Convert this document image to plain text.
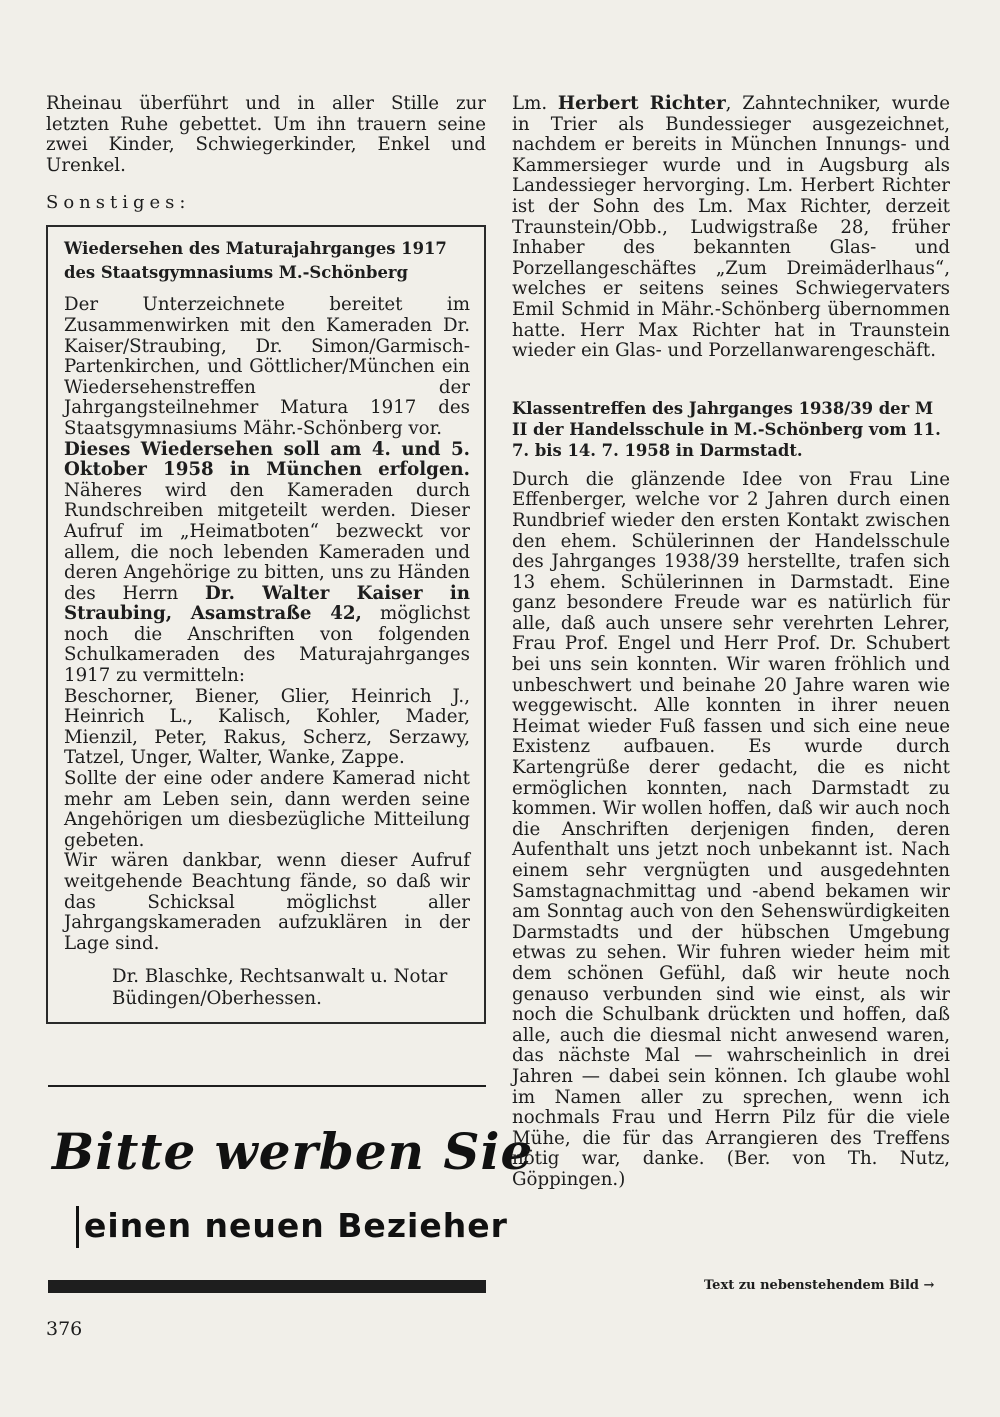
Rheinau überführt und in aller Stille zur letzten Ruhe gebettet. Um ihn trauern seine zwei Kinder, Schwiegerkinder, Enkel und Urenkel.

Sonstiges:

Wiedersehen des Maturajahrganges 1917
des Staatsgymnasiums M.-Schönberg

Der Unterzeichnete bereitet im Zusammenwirken mit den Kameraden Dr. Kaiser/Straubing, Dr. Simon/Garmisch-Partenkirchen, und Göttlicher/München ein Wiedersehenstreffen der Jahrgangsteilnehmer Matura 1917 des Staatsgymnasiums Mähr.-Schönberg vor.

Dieses Wiedersehen soll am 4. und 5. Oktober 1958 in München erfolgen. Näheres wird den Kameraden durch Rundschreiben mitgeteilt werden. Dieser Aufruf im „Heimatboten“ bezweckt vor allem, die noch lebenden Kameraden und deren Angehörige zu bitten, uns zu Händen des Herrn Dr. Walter Kaiser in Straubing, Asamstraße 42, möglichst noch die Anschriften von folgenden Schulkameraden des Maturajahrganges 1917 zu vermitteln:

Beschorner, Biener, Glier, Heinrich J., Heinrich L., Kalisch, Kohler, Mader, Mienzil, Peter, Rakus, Scherz, Serzawy, Tatzel, Unger, Walter, Wanke, Zappe.

Sollte der eine oder andere Kamerad nicht mehr am Leben sein, dann werden seine Angehörigen um diesbezügliche Mitteilung gebeten.

Wir wären dankbar, wenn dieser Aufruf weitgehende Beachtung fände, so daß wir das Schicksal möglichst aller Jahrgangskameraden aufzuklären in der Lage sind.

Dr. Blaschke, Rechtsanwalt u. Notar
Büdingen/Oberhessen.
Bitte werben Sie
einen neuen Bezieher
376

Lm. Herbert Richter, Zahntechniker, wurde in Trier als Bundessieger ausgezeichnet, nachdem er bereits in München Innungs- und Kammersieger wurde und in Augsburg als Landessieger hervorging. Lm. Herbert Richter ist der Sohn des Lm. Max Richter, derzeit Traunstein/Obb., Ludwigstraße 28, früher Inhaber des bekannten Glas- und Porzellangeschäftes „Zum Dreimäderlhaus“, welches er seitens seines Schwiegervaters Emil Schmid in Mähr.-Schönberg übernommen hatte. Herr Max Richter hat in Traunstein wieder ein Glas- und Porzellanwarengeschäft.

Klassentreffen des Jahrganges 1938/39 der M II der Handelsschule in M.-Schönberg vom 11. 7. bis 14. 7. 1958 in Darmstadt.

Durch die glänzende Idee von Frau Line Effenberger, welche vor 2 Jahren durch einen Rundbrief wieder den ersten Kontakt zwischen den ehem. Schülerinnen der Handelsschule des Jahrganges 1938/39 herstellte, trafen sich 13 ehem. Schülerinnen in Darmstadt. Eine ganz besondere Freude war es natürlich für alle, daß auch unsere sehr verehrten Lehrer, Frau Prof. Engel und Herr Prof. Dr. Schubert bei uns sein konnten. Wir waren fröhlich und unbeschwert und beinahe 20 Jahre waren wie weggewischt. Alle konnten in ihrer neuen Heimat wieder Fuß fassen und sich eine neue Existenz aufbauen. Es wurde durch Kartengrüße derer gedacht, die es nicht ermöglichen konnten, nach Darmstadt zu kommen. Wir wollen hoffen, daß wir auch noch die Anschriften derjenigen finden, deren Aufenthalt uns jetzt noch unbekannt ist. Nach einem sehr vergnügten und ausgedehnten Samstagnachmittag und -abend bekamen wir am Sonntag auch von den Sehenswürdigkeiten Darmstadts und der hübschen Umgebung etwas zu sehen. Wir fuhren wieder heim mit dem schönen Gefühl, daß wir heute noch genauso verbunden sind wie einst, als wir noch die Schulbank drückten und hoffen, daß alle, auch die diesmal nicht anwesend waren, das nächste Mal — wahrscheinlich in drei Jahren — dabei sein können. Ich glaube wohl im Namen aller zu sprechen, wenn ich nochmals Frau und Herrn Pilz für die viele Mühe, die für das Arrangieren des Treffens nötig war, danke. (Ber. von Th. Nutz, Göppingen.)

Text zu nebenstehendem Bild →
